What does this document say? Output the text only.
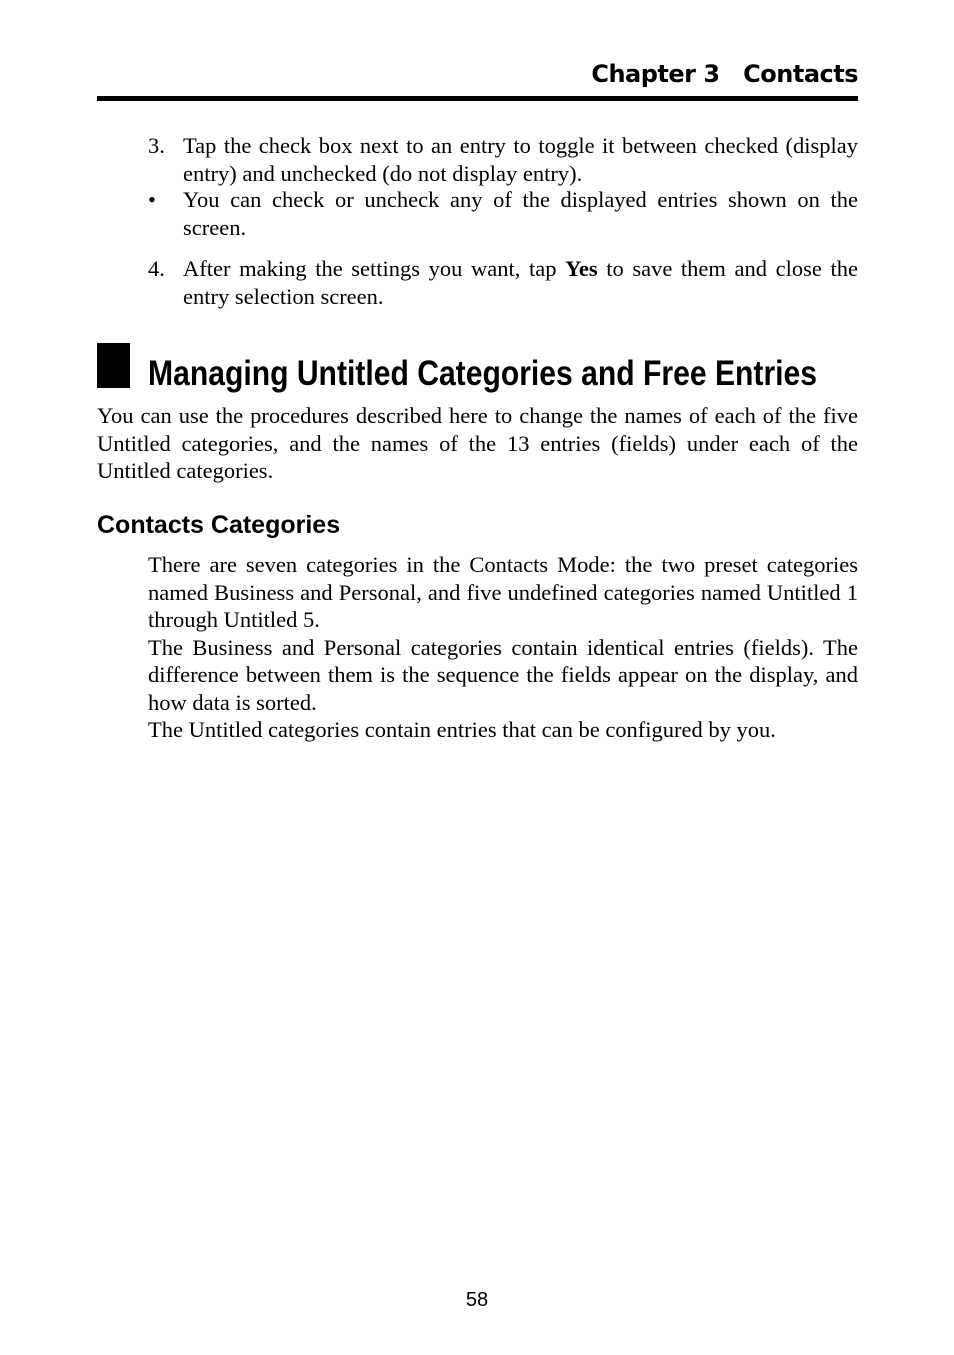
Chapter 3 Contacts
3. Tap the check box next to an entry to toggle it between checked (display entry) and unchecked (do not display entry).
• You can check or uncheck any of the displayed entries shown on the screen.
4. After making the settings you want, tap Yes to save them and close the entry selection screen.
Managing Untitled Categories and Free Entries
You can use the procedures described here to change the names of each of the five Untitled categories, and the names of the 13 entries (fields) under each of the Untitled categories.
Contacts Categories
There are seven categories in the Contacts Mode: the two preset categories named Business and Personal, and five undefined categories named Untitled 1 through Untitled 5.
The Business and Personal categories contain identical entries (fields). The difference between them is the sequence the fields appear on the display, and how data is sorted.
The Untitled categories contain entries that can be configured by you.
58
